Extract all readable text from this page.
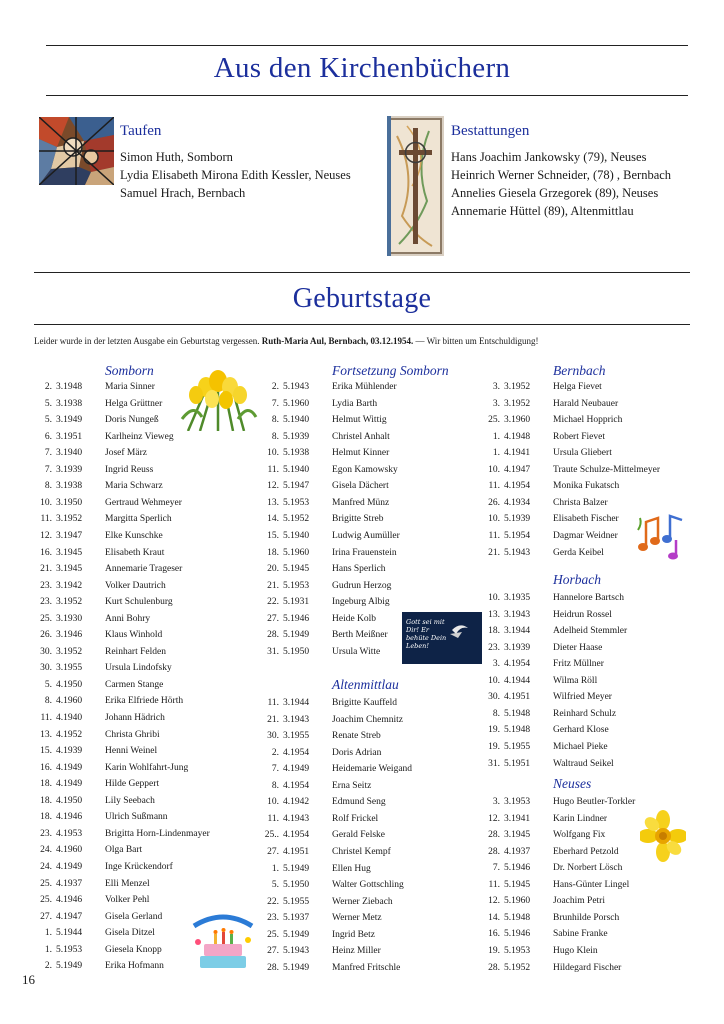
Aus den Kirchenbüchern
Taufen
Simon Huth, Somborn
Lydia Elisabeth Mirona Edith Kessler, Neuses
Samuel Hrach, Bernbach
Bestattungen
Hans Joachim Jankowsky (79), Neuses
Heinrich Werner Schneider, (78) , Bernbach
Annelies Giesela Grzegorek (89), Neuses
Annemarie Hüttel (89), Altenmittlau
Geburtstage
Leider wurde in der letzten Ausgabe ein Geburtstag vergessen. Ruth-Maria Aul, Bernbach, 03.12.1954. — Wir bitten um Entschuldigung!
Somborn
2. 3.1948 Maria Sinner
5. 3.1938 Helga Grüttner
5. 3.1949 Doris Nungeß
6. 3.1951 Karlheinz Vieweg
7. 3.1940 Josef März
7. 3.1939 Ingrid Reuss
8. 3.1938 Maria Schwarz
10. 3.1950 Gertraud Wehmeyer
11. 3.1952 Margitta Sperlich
12. 3.1947 Elke Kunschke
16. 3.1945 Elisabeth Kraut
21. 3.1945 Annemarie Trageser
23. 3.1942 Volker Dautrich
23. 3.1952 Kurt Schulenburg
25. 3.1930 Anni Bohry
26. 3.1946 Klaus Winhold
30. 3.1952 Reinhart Felden
30. 3.1955 Ursula Lindofsky
5. 4.1950 Carmen Stange
8. 4.1960 Erika Elfriede Hörth
11. 4.1940 Johann Hädrich
13. 4.1952 Christa Ghribi
15. 4.1939 Henni Weinel
16. 4.1949 Karin Wohlfahrt-Jung
18. 4.1949 Hilde Geppert
18. 4.1950 Lily Seebach
18. 4.1946 Ulrich Sußmann
23. 4.1953 Brigitta Horn-Lindenmayer
24. 4.1960 Olga Bart
24. 4.1949 Inge Krückendorf
25. 4.1937 Elli Menzel
25. 4.1946 Volker Pehl
27. 4.1947 Gisela Gerland
1. 5.1944 Gisela Ditzel
1. 5.1953 Giesela Knopp
2. 5.1949 Erika Hofmann
Fortsetzung Somborn
2. 5.1943 Erika Mühlender
7. 5.1960 Lydia Barth
8. 5.1940 Helmut Wittig
8. 5.1939 Christel Anhalt
10. 5.1938 Helmut Kinner
11. 5.1940 Egon Kamowsky
12. 5.1947 Gisela Dächert
13. 5.1953 Manfred Münz
14. 5.1952 Brigitte Streb
15. 5.1940 Ludwig Aumüller
18. 5.1960 Irina Frauenstein
20. 5.1945 Hans Sperlich
21. 5.1953 Gudrun Herzog
22. 5.1931 Ingeburg Albig
27. 5.1946 Heide Kolb
28. 5.1949 Berth Meißner
31. 5.1950 Ursula Witte
Altenmittlau
11. 3.1944 Brigitte Kauffeld
21. 3.1943 Joachim Chemnitz
30. 3.1955 Renate Streb
2. 4.1954 Doris Adrian
7. 4.1949 Heidemarie Weigand
8. 4.1954 Erna Seitz
10. 4.1942 Edmund Seng
11. 4.1943 Rolf Frickel
25.. 4.1954 Gerald Felske
27. 4.1951 Christel Kempf
1. 5.1949 Ellen Hug
5. 5.1950 Walter Gottschling
22. 5.1955 Werner Ziebach
23. 5.1937 Werner Metz
25. 5.1949 Ingrid Betz
27. 5.1943 Heinz Miller
28. 5.1949 Manfred Fritschle
Bernbach
3. 3.1952 Helga Fievet
3. 3.1952 Harald Neubauer
25. 3.1960 Michael Hopprich
1. 4.1948 Robert Fievet
1. 4.1941 Ursula Gliebert
10. 4.1947 Traute Schulze-Mittelmeyer
11. 4.1954 Monika Fukatsch
26. 4.1934 Christa Balzer
10. 5.1939 Elisabeth Fischer
11. 5.1954 Dagmar Weidner
21. 5.1943 Gerda Keibel
Horbach
10. 3.1935 Hannelore Bartsch
13. 3.1943 Heidrun Rossel
18. 3.1944 Adelheid Stemmler
23. 3.1939 Dieter Haase
3. 4.1954 Fritz Müllner
10. 4.1944 Wilma Röll
30. 4.1951 Wilfried Meyer
8. 5.1948 Reinhard Schulz
19. 5.1948 Gerhard Klose
19. 5.1955 Michael Pieke
31. 5.1951 Waltraud Seikel
Neuses
3. 3.1953 Hugo Beutler-Torkler
12. 3.1941 Karin Lindner
28. 3.1945 Wolfgang Fix
28. 4.1937 Eberhard Petzold
7. 5.1946 Dr. Norbert Lösch
11. 5.1945 Hans-Günter Lingel
12. 5.1960 Joachim Petri
14. 5.1948 Brunhilde Porsch
16. 5.1946 Sabine Franke
19. 5.1953 Hugo Klein
28. 5.1952 Hildegard Fischer
Gott sei mit Dir! Er behüte Dein Leben!
16
